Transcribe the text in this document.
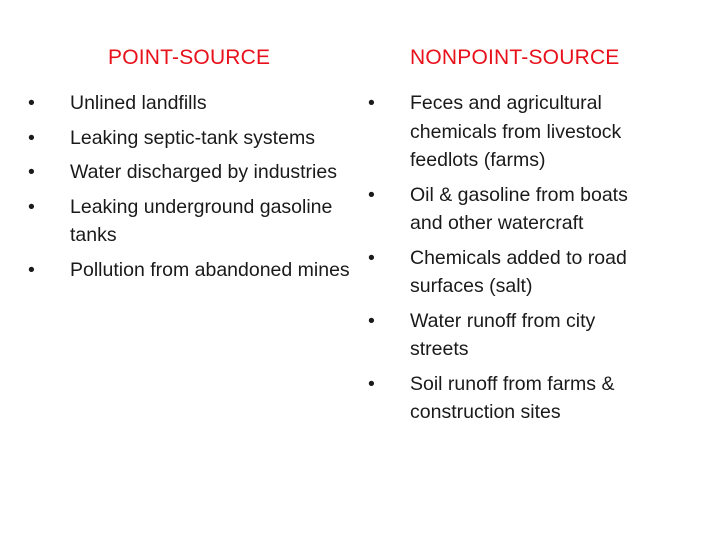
POINT-SOURCE
• Unlined landfills
• Leaking septic-tank systems
• Water discharged by industries
• Leaking underground gasoline tanks
• Pollution from abandoned mines
NONPOINT-SOURCE
• Feces and agricultural chemicals from livestock feedlots (farms)
• Oil & gasoline from boats and other watercraft
• Chemicals added to road surfaces (salt)
• Water runoff from city streets
• Soil runoff from farms & construction sites
